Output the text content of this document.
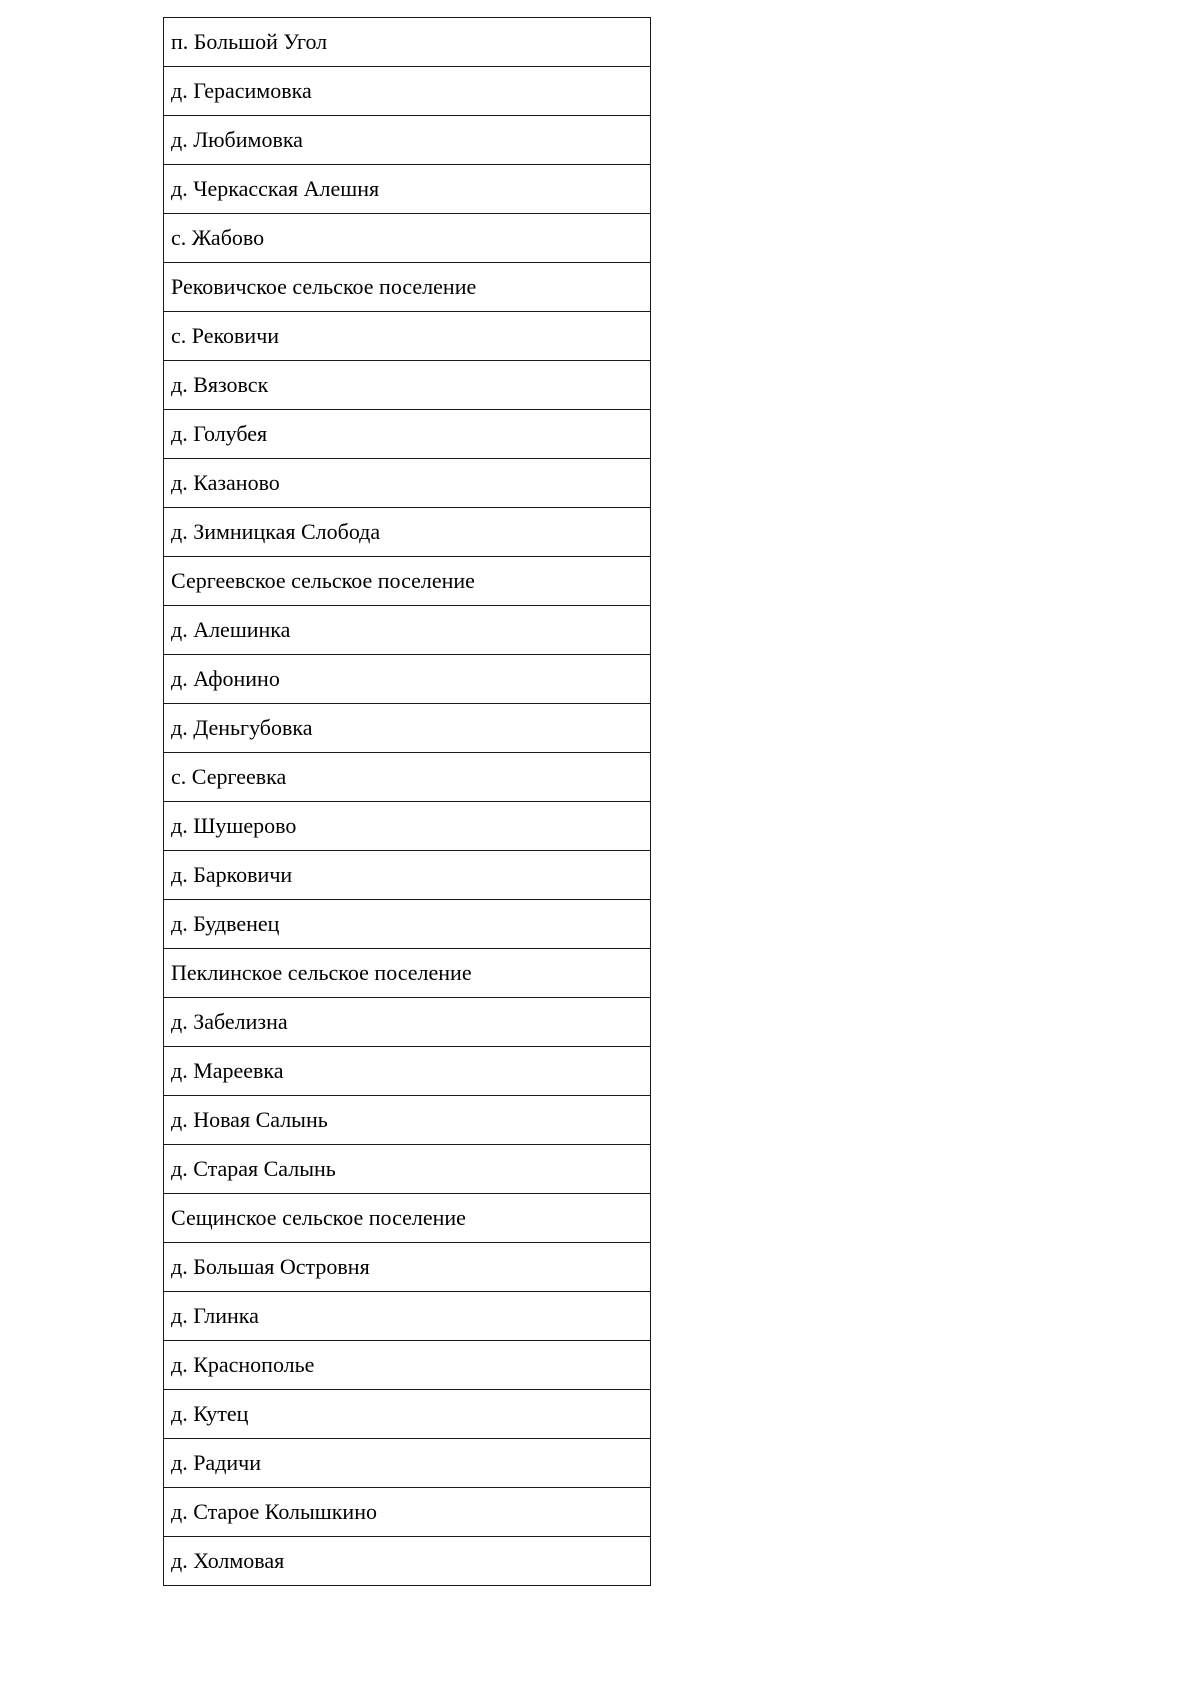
п. Большой Угол
д. Герасимовка
д. Любимовка
д. Черкасская Алешня
с. Жабово
Рековичское сельское поселение
с. Рековичи
д. Вязовск
д. Голубея
д. Казаново
д. Зимницкая Слобода
Сергеевское сельское поселение
д. Алешинка
д. Афонино
д. Деньгубовка
с. Сергеевка
д. Шушерово
д. Барковичи
д. Будвенец
Пеклинское сельское поселение
д. Забелизна
д. Мареевка
д. Новая Салынь
д. Старая Салынь
Сещинское сельское поселение
д. Большая Островня
д. Глинка
д. Краснополье
д. Кутец
д. Радичи
д. Старое Колышкино
д. Холмовая
